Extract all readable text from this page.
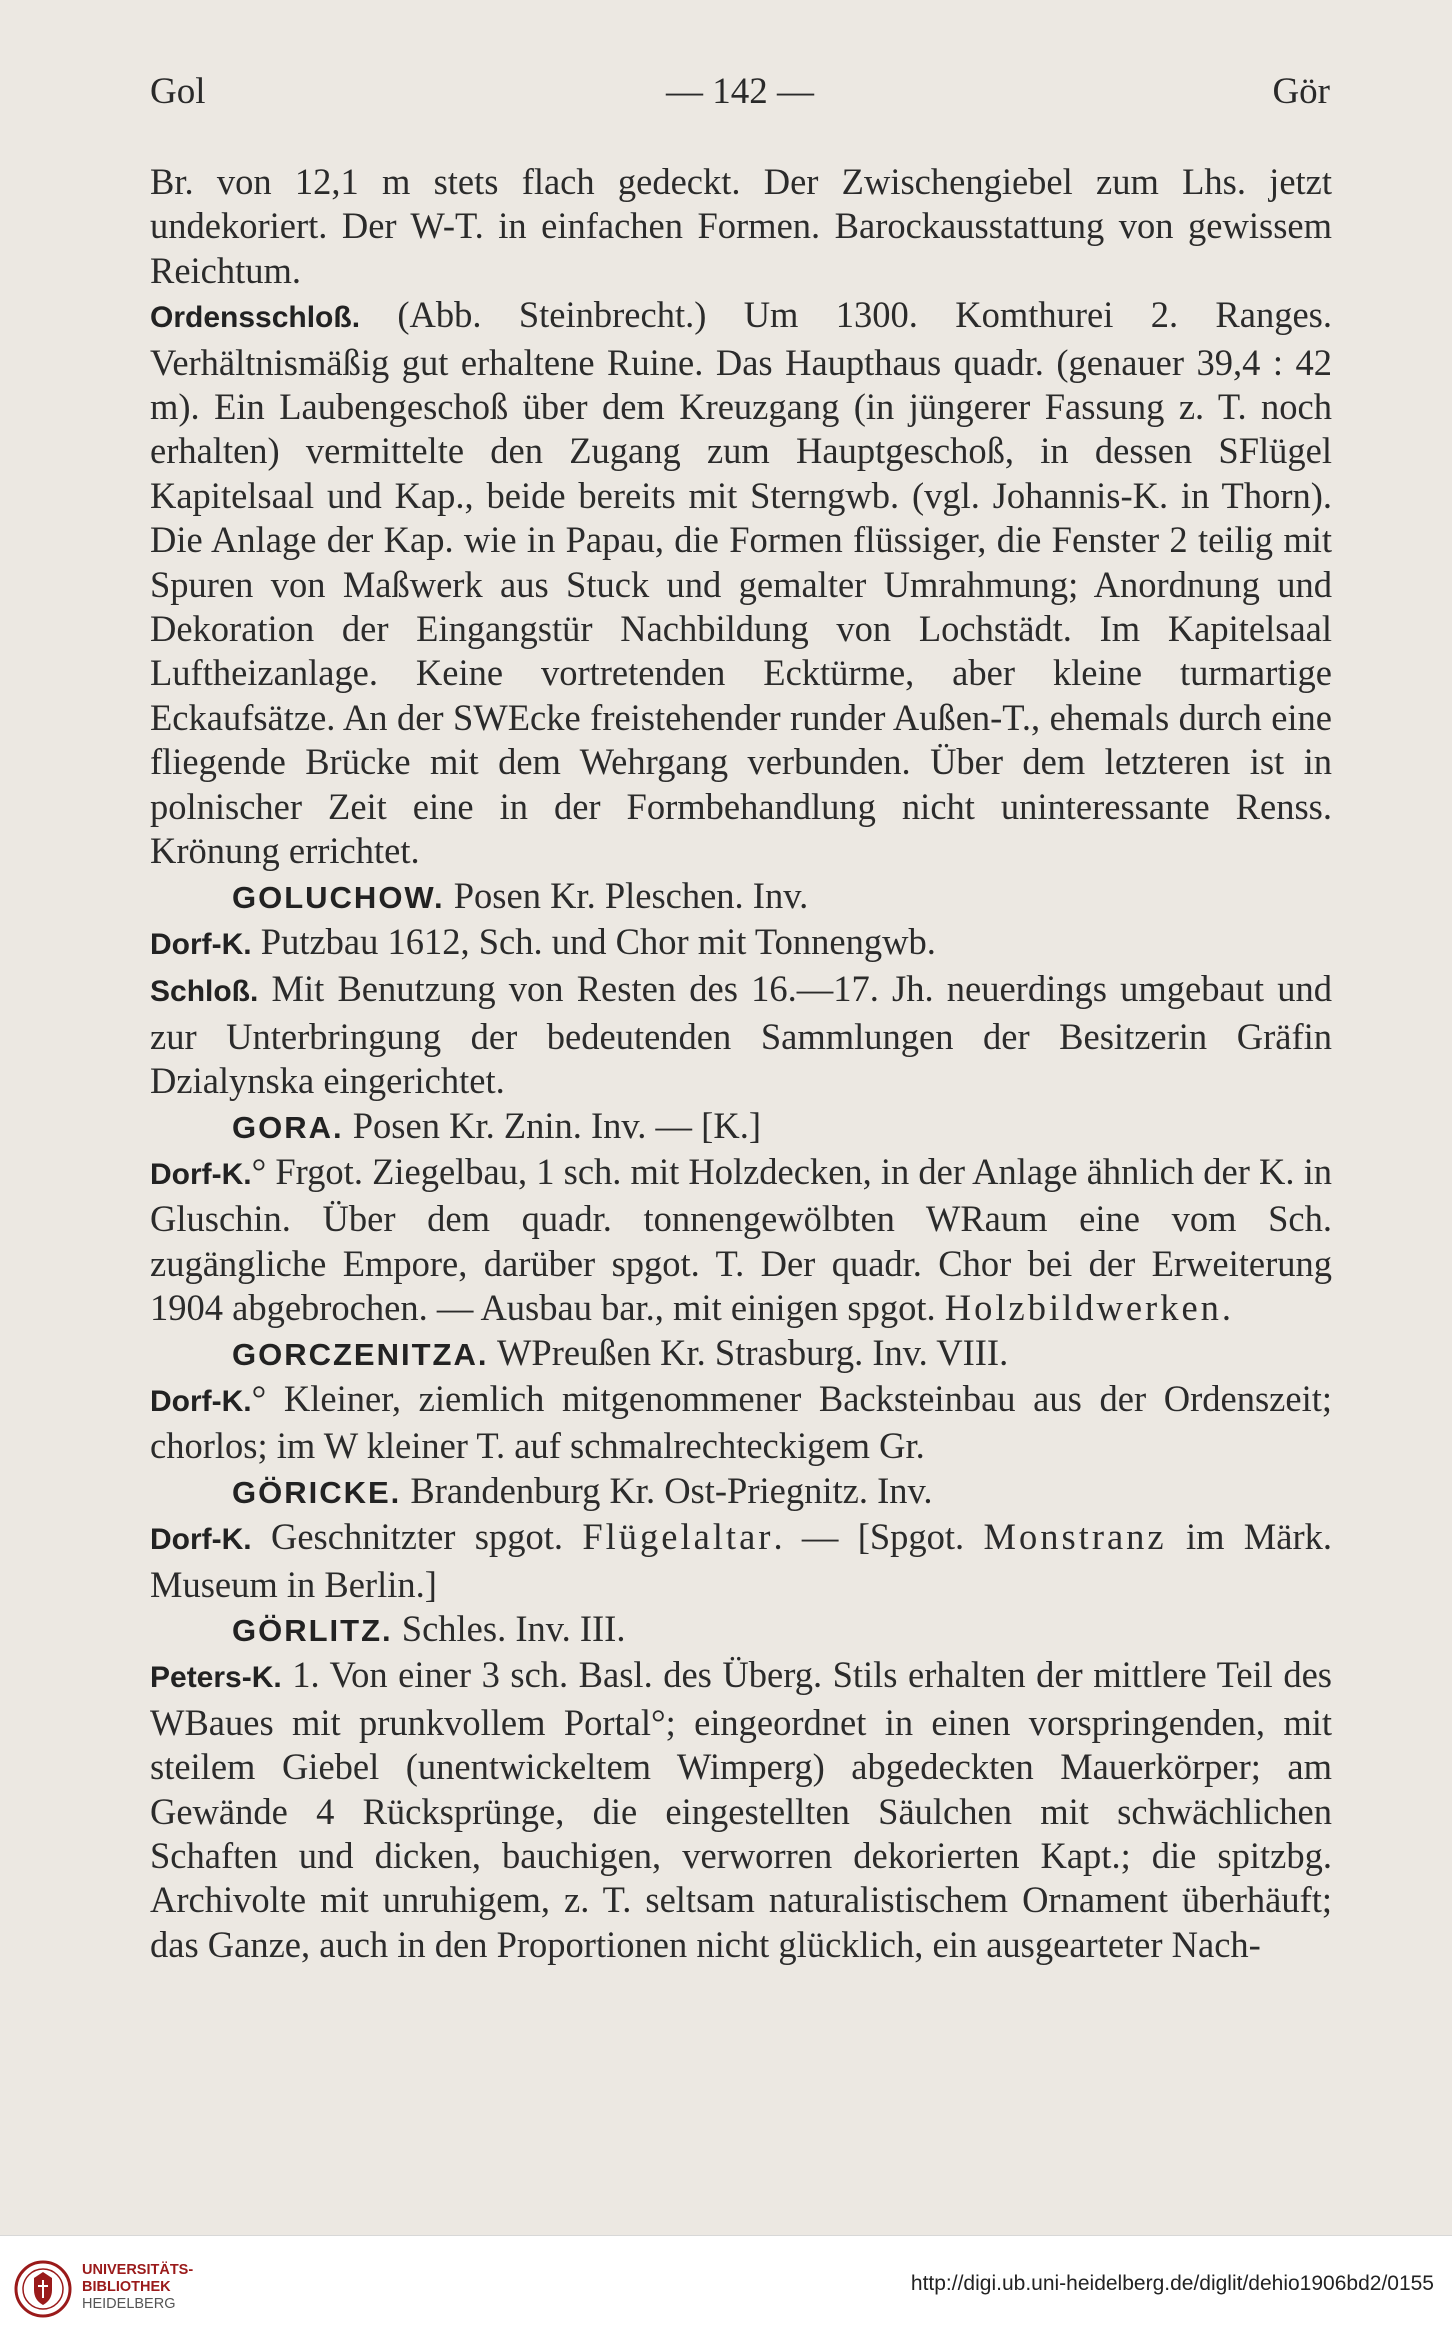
Gol	— 142 —	Gör

Br. von 12,1 m stets flach gedeckt. Der Zwischengiebel zum Lhs. jetzt undekoriert. Der W-T. in einfachen Formen. Barockausstattung von gewissem Reichtum.

Ordensschloß. (Abb. Steinbrecht.) Um 1300. Komthurei 2. Ranges. Verhältnismäßig gut erhaltene Ruine. Das Haupthaus quadr. (genauer 39,4 : 42 m). Ein Laubengeschoß über dem Kreuzgang (in jüngerer Fassung z. T. noch erhalten) vermittelte den Zugang zum Hauptgeschoß, in dessen SFlügel Kapitelsaal und Kap., beide bereits mit Sterngwb. (vgl. Johannis-K. in Thorn). Die Anlage der Kap. wie in Papau, die Formen flüssiger, die Fenster 2 teilig mit Spuren von Maßwerk aus Stuck und gemalter Umrahmung; Anordnung und Dekoration der Eingangstür Nachbildung von Lochstädt. Im Kapitelsaal Luftheizanlage. Keine vortretenden Ecktürme, aber kleine turmartige Eckaufsätze. An der SWEcke freistehender runder Außen-T., ehemals durch eine fliegende Brücke mit dem Wehrgang verbunden. Über dem letzteren ist in polnischer Zeit eine in der Formbehandlung nicht uninteressante Renss. Krönung errichtet.

GOLUCHOW. Posen Kr. Pleschen. Inv.

Dorf-K. Putzbau 1612, Sch. und Chor mit Tonnengwb.

Schloß. Mit Benutzung von Resten des 16.—17. Jh. neuerdings umgebaut und zur Unterbringung der bedeutenden Sammlungen der Besitzerin Gräfin Dzialynska eingerichtet.

GORA. Posen Kr. Znin. Inv. — [K.]

Dorf-K.° Frgot. Ziegelbau, 1 sch. mit Holzdecken, in der Anlage ähnlich der K. in Gluschin. Über dem quadr. tonnengewölbten WRaum eine vom Sch. zugängliche Empore, darüber spgot. T. Der quadr. Chor bei der Erweiterung 1904 abgebrochen. — Ausbau bar., mit einigen spgot. Holzbildwerken.

GORCZENITZA. WPreußen Kr. Strasburg. Inv. VIII.

Dorf-K.° Kleiner, ziemlich mitgenommener Backsteinbau aus der Ordenszeit; chorlos; im W kleiner T. auf schmalrechteckigem Gr.

GÖRICKE. Brandenburg Kr. Ost-Priegnitz. Inv.

Dorf-K. Geschnitzter spgot. Flügelaltar. — [Spgot. Monstranz im Märk. Museum in Berlin.]

GÖRLITZ. Schles. Inv. III.

Peters-K. 1. Von einer 3 sch. Basl. des Überg. Stils erhalten der mittlere Teil des WBaues mit prunkvollem Portal°; eingeordnet in einen vorspringenden, mit steilem Giebel (unentwickeltem Wimperg) abgedeckten Mauerkörper; am Gewände 4 Rücksprünge, die eingestellten Säulchen mit schwächlichen Schaften und dicken, bauchigen, verworren dekorierten Kapt.; die spitzbg. Archivolte mit unruhigem, z. T. seltsam naturalistischem Ornament überhäuft; das Ganze, auch in den Proportionen nicht glücklich, ein ausgearteter Nach-

UNIVERSITÄTS-
BIBLIOTHEK
HEIDELBERG
http://digi.ub.uni-heidelberg.de/diglit/dehio1906bd2/0155
